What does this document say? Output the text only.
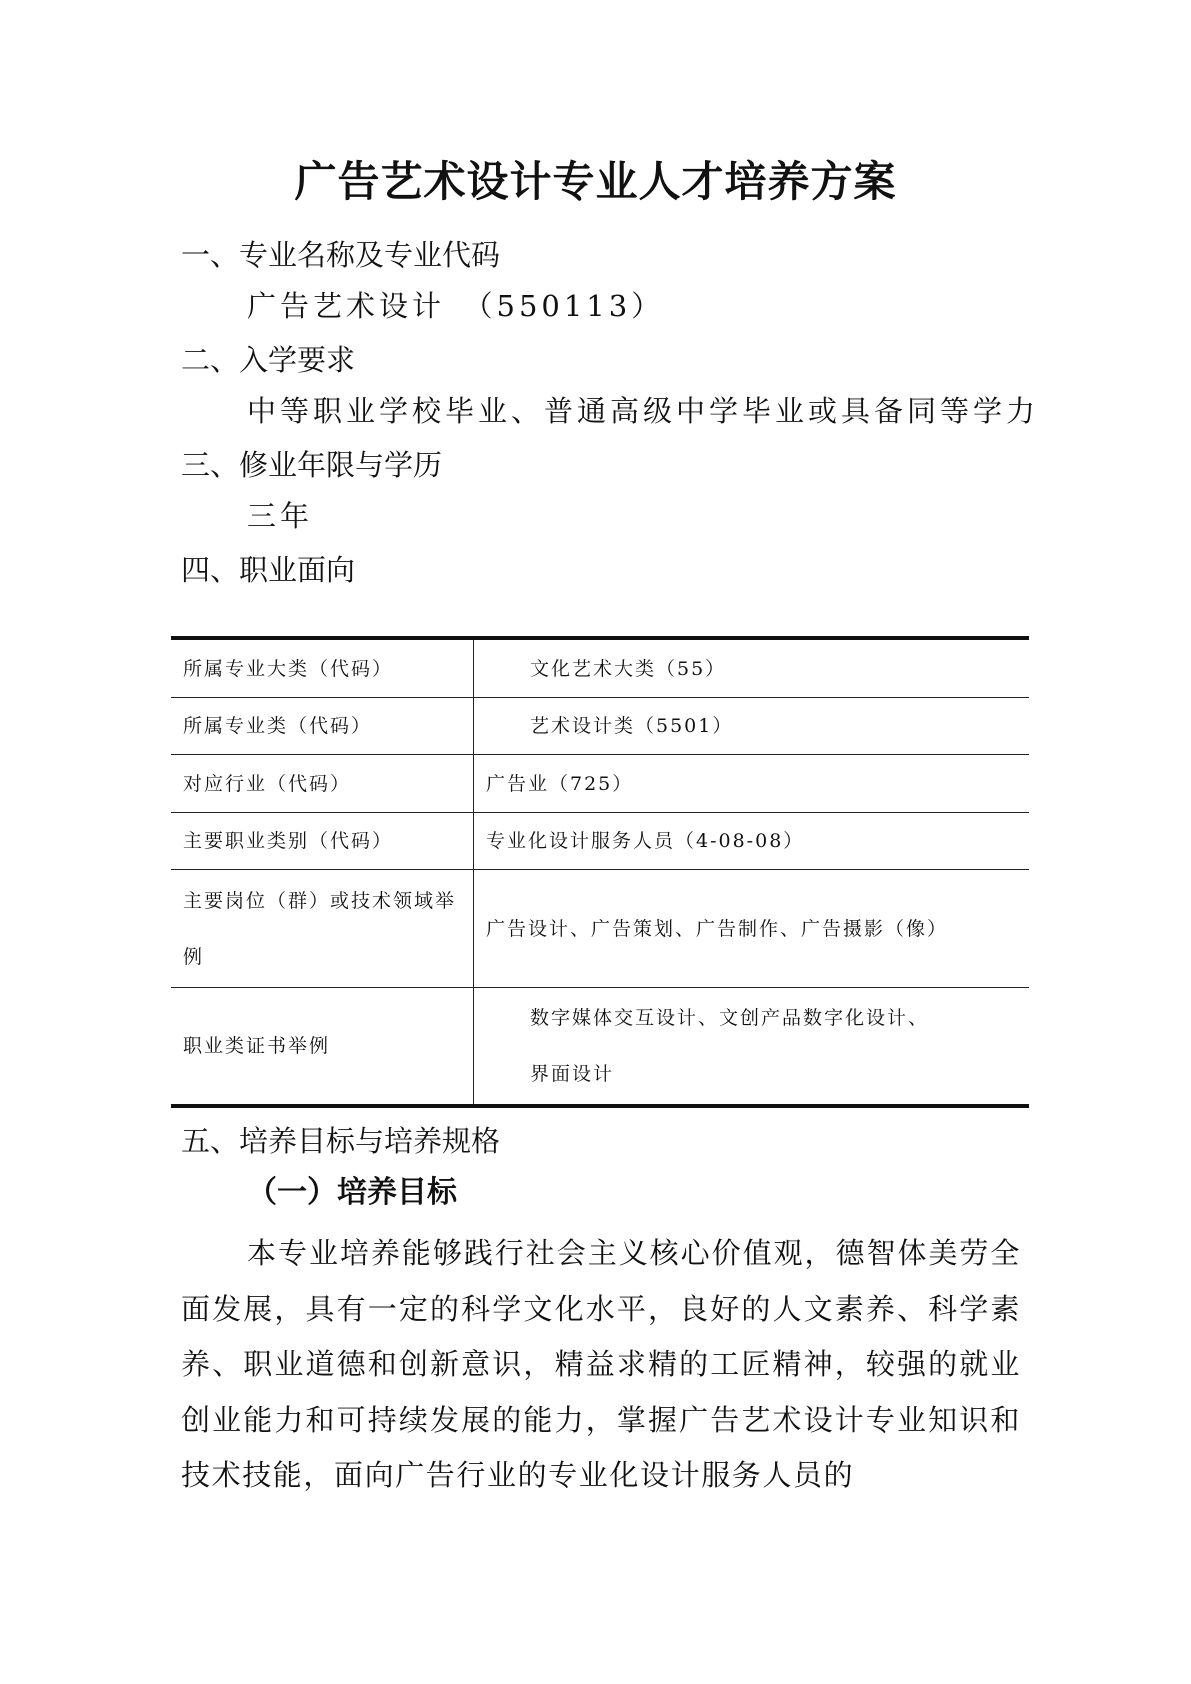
广告艺术设计专业人才培养方案
一、专业名称及专业代码
广告艺术设计　（550113）
二、入学要求
中等职业学校毕业、普通高级中学毕业或具备同等学力
三、修业年限与学历
三年
四、职业面向
所属专业大类（代码）	文化艺术大类（55）
所属专业类（代码）	艺术设计类（5501）
对应行业（代码）	广告业（725）
主要职业类别（代码）	专业化设计服务人员（4-08-08）

主要岗位（群）或技术领域举
例	广告设计、广告策划、广告制作、广告摄影（像）
职业类证书举例	数字媒体交互设计、文创产品数字化设计、
界面设计
五、培养目标与培养规格
（一）培养目标
本专业培养能够践行社会主义核心价值观，德智体美劳全面发展，具有一定的科学文化水平，良好的人文素养、科学素养、职业道德和创新意识，精益求精的工匠精神，较强的就业创业能力和可持续发展的能力，掌握广告艺术设计专业知识和技术技能，面向广告行业的专业化设计服务人员的
